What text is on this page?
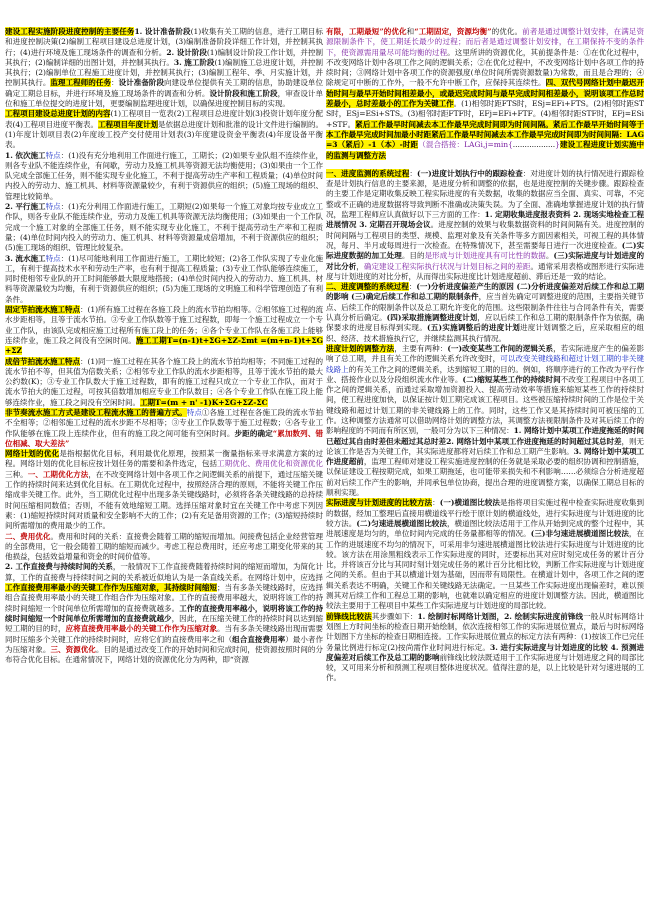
建设工程实施阶段进度控制的主要任务1. 设计准备阶段(1)收集有关工期的信息，进行工期目标和进度控制决策(2)编制工程项目建设总进度计划，(3)编制准备阶段详细工作计划，并控制其执行；(4)进行环境及施工现场条件的调查和分析。2. 设计阶段(1)编制设计阶段工作计划，并控制其执行；(2)编制详细的出图计划，并控制其执行。3. 施工阶段(1)编制施工总进度计划，并控制其执行；(2)编制单位工程施工进度计划，并控制其执行；(3)编制工程年、季、月实施计划，并控制其执行。监理工程师的任务：设计准备阶段向建设单位提供有关工期的信息，协助建设单位确定工期总目标，并进行环境及施工现场条件的调查和分析。设计阶段和施工阶段，审查设计单位和施工单位提交的进度计划，更要编制监理进度计划，以确保进度控制目标的实现。

工程项目建设总进度计划的内容(1)工程项目一览表(2)工程项目总进度计划(3)投资计划年度分配表(4)工程项目进度平衡表。工程项目年度计划是依据总进度计划和批准的设计文件进行编制的。(1)年度计划项目表(2)年度竣工投产交付使用计划表(3)年度建设资金平衡表(4)年度设备平衡表。

1. 依次施工特点：(1)没有充分地利用工作面进行施工，工期长；(2)如果专业队组不连续作业，则各专业队不能连续作业，有间歇，劳动力及施工机具等资源无法均衡使用；(3)如果由一个工作队完成全部施工任务，则不能实现专业化施工，不利于提高劳动生产率和工程质量；(4)单位时间内投入的劳动力、施工机具、材料等资源量较少，有利于资源供应的组织；(5)施工现场的组织、管理比较简单。

2. 平行施工特点：(1)充分利用工作面进行施工，工期短(2)如果每一个施工对象均按专业成立工作队，则各专业队不能连续作业，劳动力及施工机具等资源无法均衡使用；(3)如果由一个工作队完成一个施工对象的全部施工任务，则不能实现专业化施工，不利于提高劳动生产率和工程质量；(4)单位时间内投入的劳动力、施工机具、材料等资源量成倍增加，不利于资源供应的组织；(5)施工现场的组织、管理比较复杂。

3. 流水施工特点：(1)尽可能地利用工作面进行施工，工期比较短；(2)各工作队实现了专业化施工，有利于提高技术水平和劳动生产率，也有利于提高工程质量；(3)专业工作队能够连续施工，同时使相邻专业队的开工时间能够最大限度地搭接；(4)单位时间内投入的劳动力、施工机具、材料等资源量较为均衡，有利于资源供应的组织；(5)为施工现场的文明施工和科学管理创造了有利条件。

固定节拍流水施工特点：(1)所有施工过程在各施工段上的流水节拍均相等。②相邻施工过程的流水步距相等，且等于流水节拍。③专业工作队数等于施工过程数，即每一个施工过程成立一个专业工作队，由该队完成相应施工过程所有施工段上的任务；④各个专业工作队在各施工段上能够连续作业，施工段之间没有空闲时间。施工工期T=(n-1)t+ΣG+ΣZ-Σmt =(m+n-1)t+ΣG+ΣZ

成倍节拍流水施工特点：(1)同一施工过程在其各个施工段上的流水节拍均相等；不同施工过程的流水节拍不等，但其值为倍数关系；②相邻专业工作队的流水步距相等，且等于流水节拍的最大公约数(K)；③专业工作队数大于施工过程数，即有的施工过程只成立一个专业工作队，而对于流水节拍大的施工过程，可按其倍数增加相应专业工作队数目；④各个专业工作队在施工段上能够连续作业，施工段之间没有空闲时间。工期T=(m + n' -1)K+ΣG+ΣZ-ΣC

非节奏流水施工方式是建设工程流水施工的普遍方式。特点①各施工过程在各施工段的流水节拍不全相等；②相邻施工过程的流水步距不尽相等；③专业工作队数等于施工过程数；④各专业工作队能够在施工段上连续作业，但有的施工段之间可能有空闲时间。步距的确定“累加数列、错位相减、取大差法”

网络计划的优化是指根据优化目标，利用最优化原理，按照某一衡量指标来寻求满意方案的过程。网络计划的优化目标应按计划任务的需要和条件选定，包括工期优化、费用优化和资源优化三种。一、工期优化方法，在不改变网络计划中各项工作之间逻辑关系的前提下，通过压缩关键工作的持续时间来达到优化目标。在工期优化过程中，按照经济合理的原则，不能将关键工作压缩成非关键工作。此外，当工期优化过程中出现多条关键线路时，必须将各条关键线路的总持续时间压缩相同数值；否则，不能有效地缩短工期。选择压缩对象时宜在关键工作中考虑下列因素：(1)缩短持续时间对质量和安全影响不大的工作；(2)有充足备用资源的工作；(3)缩短持续时间所需增加的费用最少的工作。

二、费用优化。费用和时间的关系：直接费会随着工期的缩短而增加。间接费包括企业经营管理的全部费用，它一般会随着工期的缩短而减少。考虑工程总费用时，还应考虑工期变化带来的其他损益，包括效益增量和资金的时间价值等。

2. 工作直接费与持续时间的关系，一般情况下工作直接费随着持续时间的缩短而增加，为简化计算，工作的直接费与持续时间之间的关系被近似地认为是一条直线关系。在网络计划中，应选择工作直接费用率最小的关键工作作为压缩对象，其持续时间缩短；当有多条关键线路时，应选择组合直接费用率最小的关键工作组合作为压缩对象。工作的直接费用率越大，说明将该工作的持续时间缩短一个时间单位所需增加的直接费就越多。工作的直接费用率越小，说明将该工作的持续时间缩短一个时间单位所需增加的直接费就越少，因此，在压缩关键工作的持续时间以达到缩短工期的目的时，应将直接费用率最小的关键工作作为压缩对象。当有多条关键线路出现而需要同时压缩多个关键工作的持续时间时，应将它们的直接费用率之和（组合直接费用率）最小者作为压缩对象。三、资源优化。目的是通过改变工作的开始时间和完成时间，使资源按照时间的分布符合优化目标。在通常情况下，网络计划的资源优化分为两种，即“资源

有限，工期最短”的优化和“工期固定，资源均衡”的优化。前者是通过调整计划安排，在满足资源限制条件下，使工期延长最少的过程；而后者是通过调整计划安排，在工期保持不变的条件下，使资源需用量尽可能均衡的过程。这里所讲的资源优化，其前提条件是：①在优化过程中，不改变网络计划中各项工作之间的逻辑关系；②在优化过程中，不改变网络计划中各项工作的持续时间；③网络计划中各项工作的资源强度(单位时间所需资源数量)为常数，而且是合理的；④除规定可中断的工作外，一般不允许中断工作，应保持其连续性。四、双代号网络计划中最迟开始时间与最早开始时间相差最小，或最迟完成时间与最早完成时间相差最小，说明该项工作总时差最小，总时差最小的工作为关键工作。(1)相邻时距FTS时，ESj=EFi+FTS。(2)相邻时距STS时，ESj=ESi+STS。(3)相邻时距FTF时，EFj=EFi+FTF。(4)相邻时距STF时，EFj=ESi+STF。紧后工作最早时间减去本工作最早完成时间即为时间间隔。紧后工作最早开始时间等于本工作最早完成时间加最小时距紧后工作最早时间减去本工作最早完成时间即为时间间隔：LAG=3（紧后）-1（本）-时距（混合搭接：LAGi,j=min{..................}建设工程进度计划实施中的监测与调整方法

一、进度监测的系统过程：(一)进度计划执行中的跟踪检查：对进度计划的执行情况进行跟踪检查是计划执行信息的主要来源，是进度分析和调整的依据，也是进度控制的关键步骤。跟踪检查的主要工作是定期收集反映工程实际进度的有关数据，收集的数据应当全面、真实、可靠，不完整或不正确的进度数据将导致判断不准确或决策失误。为了全面、准确地掌握进度计划的执行情况，监理工程师应认真做好以下三方面的工作：1. 定期收集进度报表资料 2. 现场实地检查工程进展情况 3. 定期召开现场会议。进度控制的效果与收集数据资料的时间间隔有关。进度控制的时间间隔与工程项目的类型、规模、监理对象及有关条件等多方面因素相关，可视工程的具体情况，每月、半月或每周进行一次检查。在特殊情况下，甚至需要每日进行一次进度检查。(二)实际进度数据的加工处理。目的是形成与计划进度具有可比性的数据。(三)实际进度与计划进度的对比分析，确定建设工程实际执行状况与计划目标之间的差距。通常采用表格或图形进行实际进度与计划进度的对比分析，从而得出实际进度比计划进度超前、滞后还是一致的结论。

二、进度调整的系统过程：(一)分析进度偏差产生的原因 (二)分析进度偏差对后续工作和总工期的影响 (三)确定后续工作和总工期的限制条件，应当首先确定可调整进度的范围，主要指关键节点、后续工作的限制条件以及总工期允许变化的范围。这些限制条件往往与合同条件有关，需要认真分析后确定。(四)采取措施调整进度计划，应以后续工作和总工期的限制条件作为依据，确保要求的进度目标得到实现。(五)实施调整后的进度计划进度计划调整之后，应采取相应的组织、经济、技术措施执行它，并继续监测其执行情况。

进度计划的调整方法，主要有两种：(一)改变某些工作间的逻辑关系，若实际进度产生的偏差影响了总工期，并且有关工作的逻辑关系允许改变时，可以改变关键线路和超过计划工期的非关键线路上的有关工作之间的逻辑关系，达到缩短工期的目的。例如，将顺序进行的工作改为平行作业、搭接作业以及分段组织流水作业等。(二)缩短某些工作的持续时间不改变工程项目中各项工作之间的逻辑关系，而通过采取增加资源投入、提高劳动效率等措施来缩短某些工作的持续时间，使工程进度加快，以保证按计划工期完成该工程项目。这些被压缩持续时间的工作是位于关键线路和超过计划工期的非关键线路上的工作。同时，这些工作又是其持续时间可被压缩的工作。这种调整方法通常可以借助网络计划的调整方法，其调整方法视限制条件及对其后续工作的影响程度的不同而有所区别，一般可分为以下三种情况：1. 网络计划中某项工作进度拖延的时间已超过其自由时差但未超过其总时差2. 网络计划中某项工作进度拖延的时间超过其总时差，则无论该工作是否为关键工作，其实际进度都将对后续工作和总工期产生影响。3. 网络计划中某项工作进度超前，监理工程师对建设工程实施进度控制的任务就是采取必要的组织协调和控制措施，以保证建设工程按期完成，如果工期拖延，也可能带来损失和不利影响……必须综合分析进度超前对后续工作产生的影响，并同承包单位协商，提出合理的进度调整方案，以确保工期总目标的顺利实现。

实际进度与计划进度的比较方法：(一)横道图比较法是指将项目实施过程中检查实际进度收集到的数据，经加工整理后直接用横道线平行绘于原计划的横道线处，进行实际进度与计划进度的比较方法。(二)匀速进展横道图比较法，横道图比较法适用于工作从开始到完成的整个过程中，其进展速度是均匀的，单位时间内完成的任务量都相等的情况。(三)非匀速进展横道图比较法，在工作的进展速度不均匀的情况下，可采用非匀速进展横道图比较法进行实际进度与计划进度的比较。该方法在用涂黑粗线表示工作实际进度的同时，还要标出其对应时刻完成任务的累计百分比，并将该百分比与其同时刻计划完成任务的累计百分比相比较，判断工作实际进度与计划进度之间的关系。但由于其以横道计划为基础，因而带有局限性。在横道计划中，各项工作之间的逻辑关系表达不明确，关键工作和关键线路无法确定。一旦某些工作实际进度出现偏差时，难以预测其对后续工作和工程总工期的影响，也就难以确定相应的进度计划调整方法。因此，横道图比较法主要用于工程项目中某些工作实际进度与计划进度的局部比较。

前锋线比较法其步骤如下：1. 绘制时标网络计划图，2. 绘制实际进度前锋线一般从时标网络计划图上方时间坐标的检查日期开始绘制，依次连接相邻工作的实际进展位置点，最后与时标网络计划图下方坐标的检查日期相连接。工作实际进展位置点的标定方法有两种：(1)按该工作已完任务量比例进行标定(2)按尚需作业时间进行标定。3. 进行实际进度与计划进度的比较 4. 预测进度偏差对后续工作及总工期的影响前锋线比较法既适用于工作实际进度与计划进度之间的局部比较，又可用来分析和预测工程项目整体进度状况。值得注意的是，以上比较是针对匀速进展的工作。
